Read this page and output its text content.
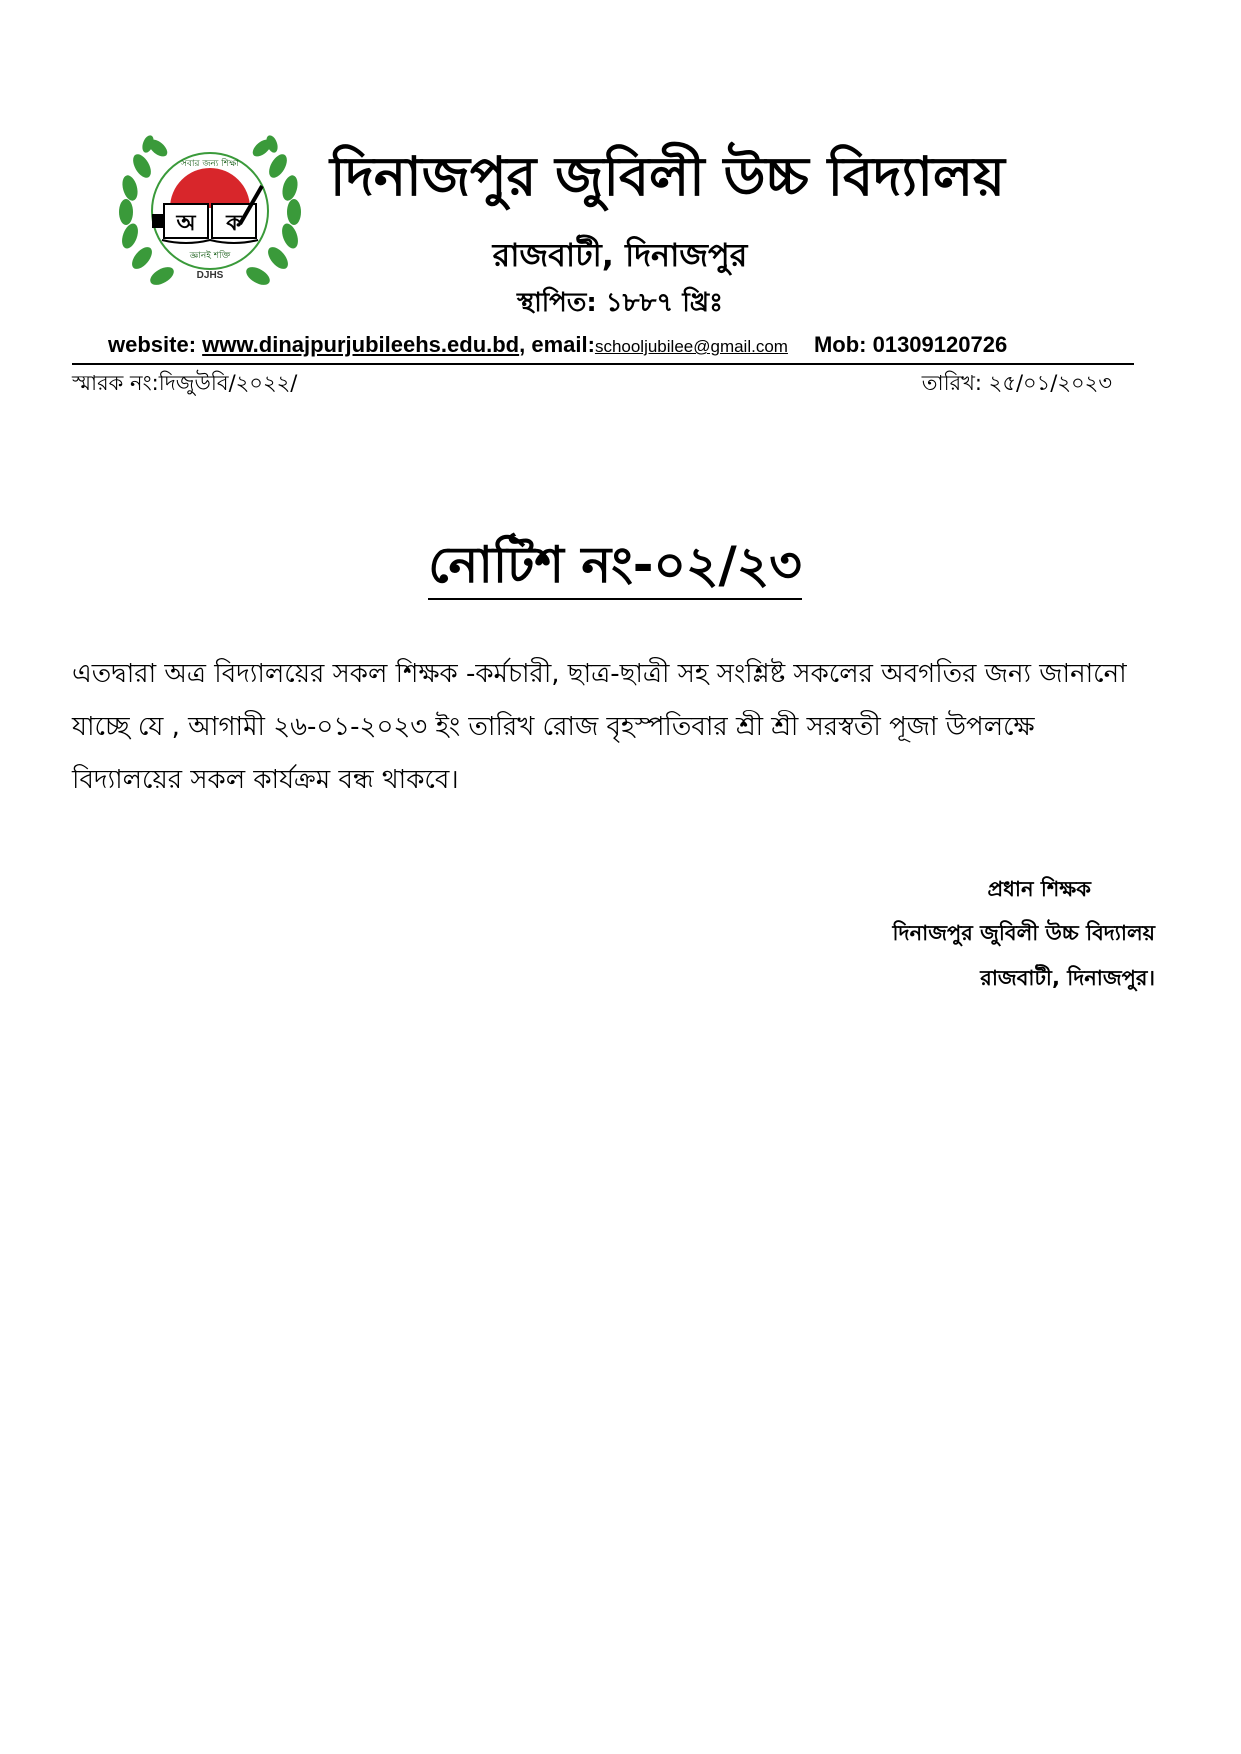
অ ক
সবার জন্য শিক্ষা
জ্ঞানই শক্তি
DJHS
দিনাজপুর জুবিলী উচ্চ বিদ্যালয়
রাজবাটী, দিনাজপুর
স্থাপিত: ১৮৮৭ খ্রিঃ
website: www.dinajpurjubileehs.edu.bd, email:schooljubilee@gmail.com Mob: 01309120726
স্মারক নং:দিজুউবি/২০২২/	তারিখ: ২৫/০১/২০২৩
নোটিশ নং-০২/২৩
এতদ্বারা অত্র বিদ্যালয়ের সকল শিক্ষক -কর্মচারী, ছাত্র-ছাত্রী সহ সংশ্লিষ্ট সকলের অবগতির জন্য জানানো যাচ্ছে যে , আগামী ২৬-০১-২০২৩ ইং তারিখ রোজ বৃহস্পতিবার শ্রী শ্রী সরস্বতী পূজা উপলক্ষে বিদ্যালয়ের সকল কার্যক্রম বন্ধ থাকবে।
প্রধান শিক্ষক
দিনাজপুর জুবিলী উচ্চ বিদ্যালয়
রাজবাটী, দিনাজপুর।
